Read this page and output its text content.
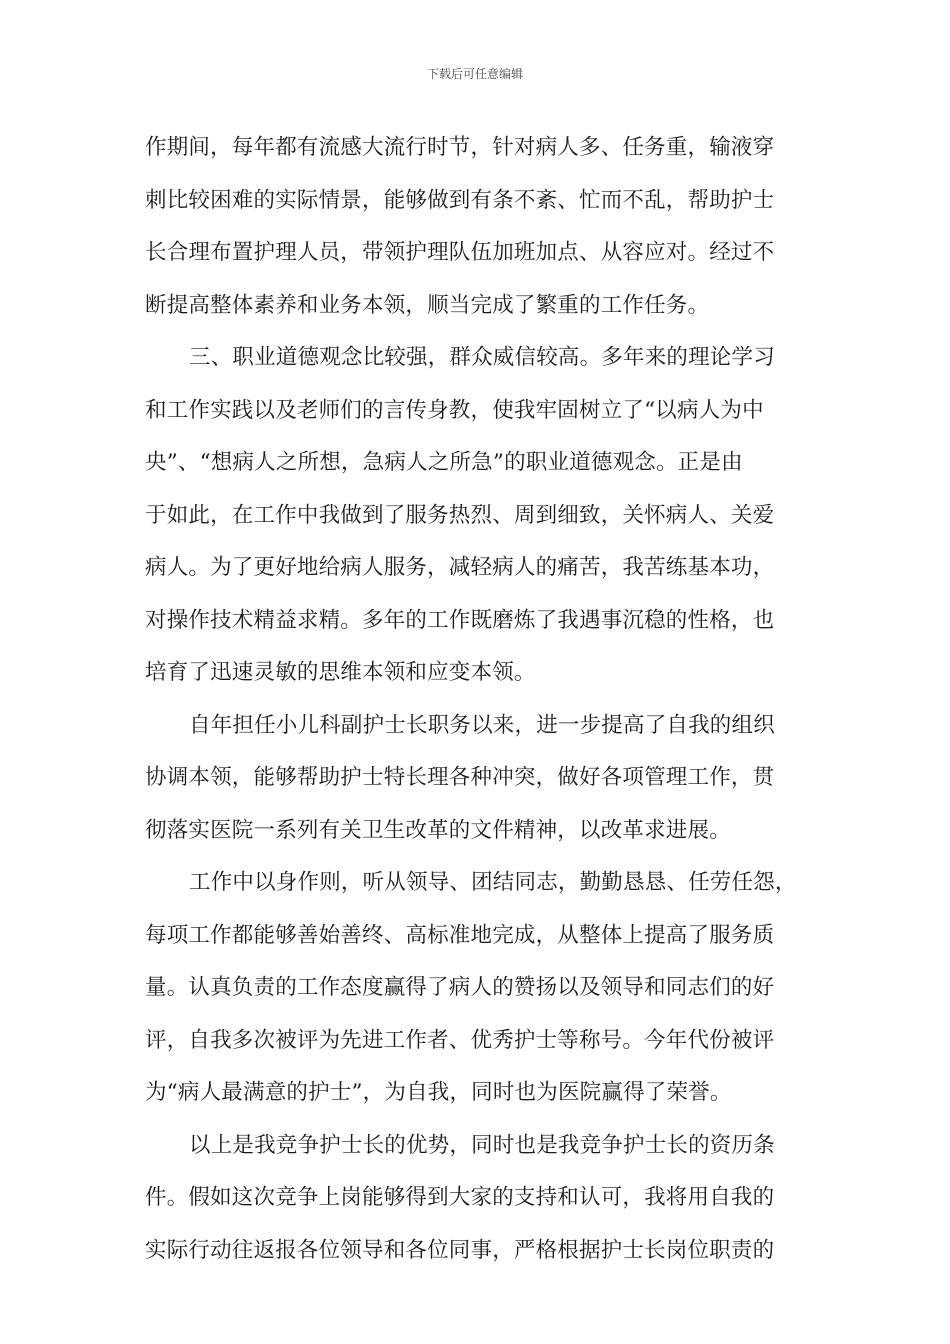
下载后可任意编辑
作期间，每年都有流感大流行时节，针对病人多、任务重，输液穿
刺比较困难的实际情景，能够做到有条不紊、忙而不乱，帮助护士
长合理布置护理人员，带领护理队伍加班加点、从容应对。经过不
断提高整体素养和业务本领，顺当完成了繁重的工作任务。
三、职业道德观念比较强，群众威信较高。多年来的理论学习
和工作实践以及老师们的言传身教，使我牢固树立了“以病人为中
央”、“想病人之所想，急病人之所急”的职业道德观念。正是由
于如此，在工作中我做到了服务热烈、周到细致，关怀病人、关爱
病人。为了更好地给病人服务，减轻病人的痛苦，我苦练基本功，
对操作技术精益求精。多年的工作既磨炼了我遇事沉稳的性格，也
培育了迅速灵敏的思维本领和应变本领。
自年担任小儿科副护士长职务以来，进一步提高了自我的组织
协调本领，能够帮助护士特长理各种冲突，做好各项管理工作，贯
彻落实医院一系列有关卫生改革的文件精神，以改革求进展。
工作中以身作则，听从领导、团结同志，勤勤恳恳、任劳任怨，
每项工作都能够善始善终、高标准地完成，从整体上提高了服务质
量。认真负责的工作态度赢得了病人的赞扬以及领导和同志们的好
评，自我多次被评为先进工作者、优秀护士等称号。今年代份被评
为“病人最满意的护士”，为自我，同时也为医院赢得了荣誉。
以上是我竞争护士长的优势，同时也是我竞争护士长的资历条
件。假如这次竞争上岗能够得到大家的支持和认可，我将用自我的
实际行动往返报各位领导和各位同事，严格根据护士长岗位职责的
